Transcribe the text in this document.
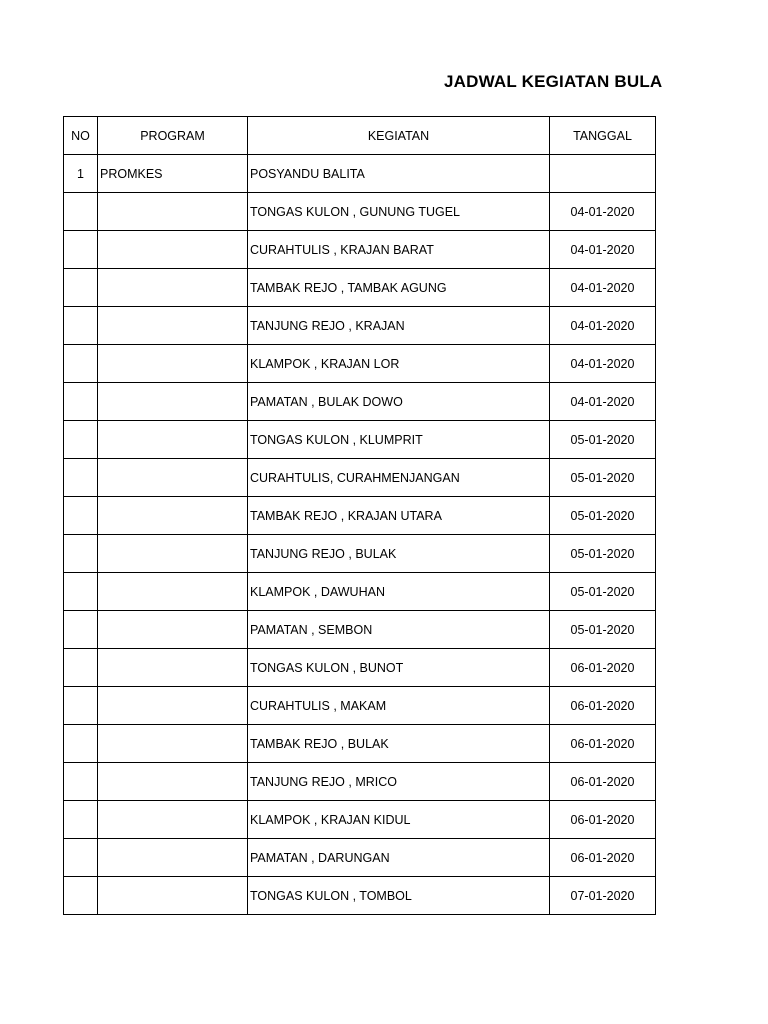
JADWAL KEGIATAN BULA
NO	PROGRAM	KEGIATAN	TANGGAL
1	PROMKES	POSYANDU BALITA	
		TONGAS KULON , GUNUNG TUGEL	04-01-2020
		CURAHTULIS , KRAJAN BARAT	04-01-2020
		TAMBAK REJO , TAMBAK AGUNG	04-01-2020
		TANJUNG REJO , KRAJAN	04-01-2020
		KLAMPOK , KRAJAN LOR	04-01-2020
		PAMATAN , BULAK DOWO	04-01-2020
		TONGAS KULON , KLUMPRIT	05-01-2020
		CURAHTULIS, CURAHMENJANGAN	05-01-2020
		TAMBAK REJO , KRAJAN UTARA	05-01-2020
		TANJUNG REJO , BULAK	05-01-2020
		KLAMPOK , DAWUHAN	05-01-2020
		PAMATAN , SEMBON	05-01-2020
		TONGAS KULON , BUNOT	06-01-2020
		CURAHTULIS , MAKAM	06-01-2020
		TAMBAK REJO , BULAK	06-01-2020
		TANJUNG REJO , MRICO	06-01-2020
		KLAMPOK , KRAJAN KIDUL	06-01-2020
		PAMATAN , DARUNGAN	06-01-2020
		TONGAS KULON , TOMBOL	07-01-2020
